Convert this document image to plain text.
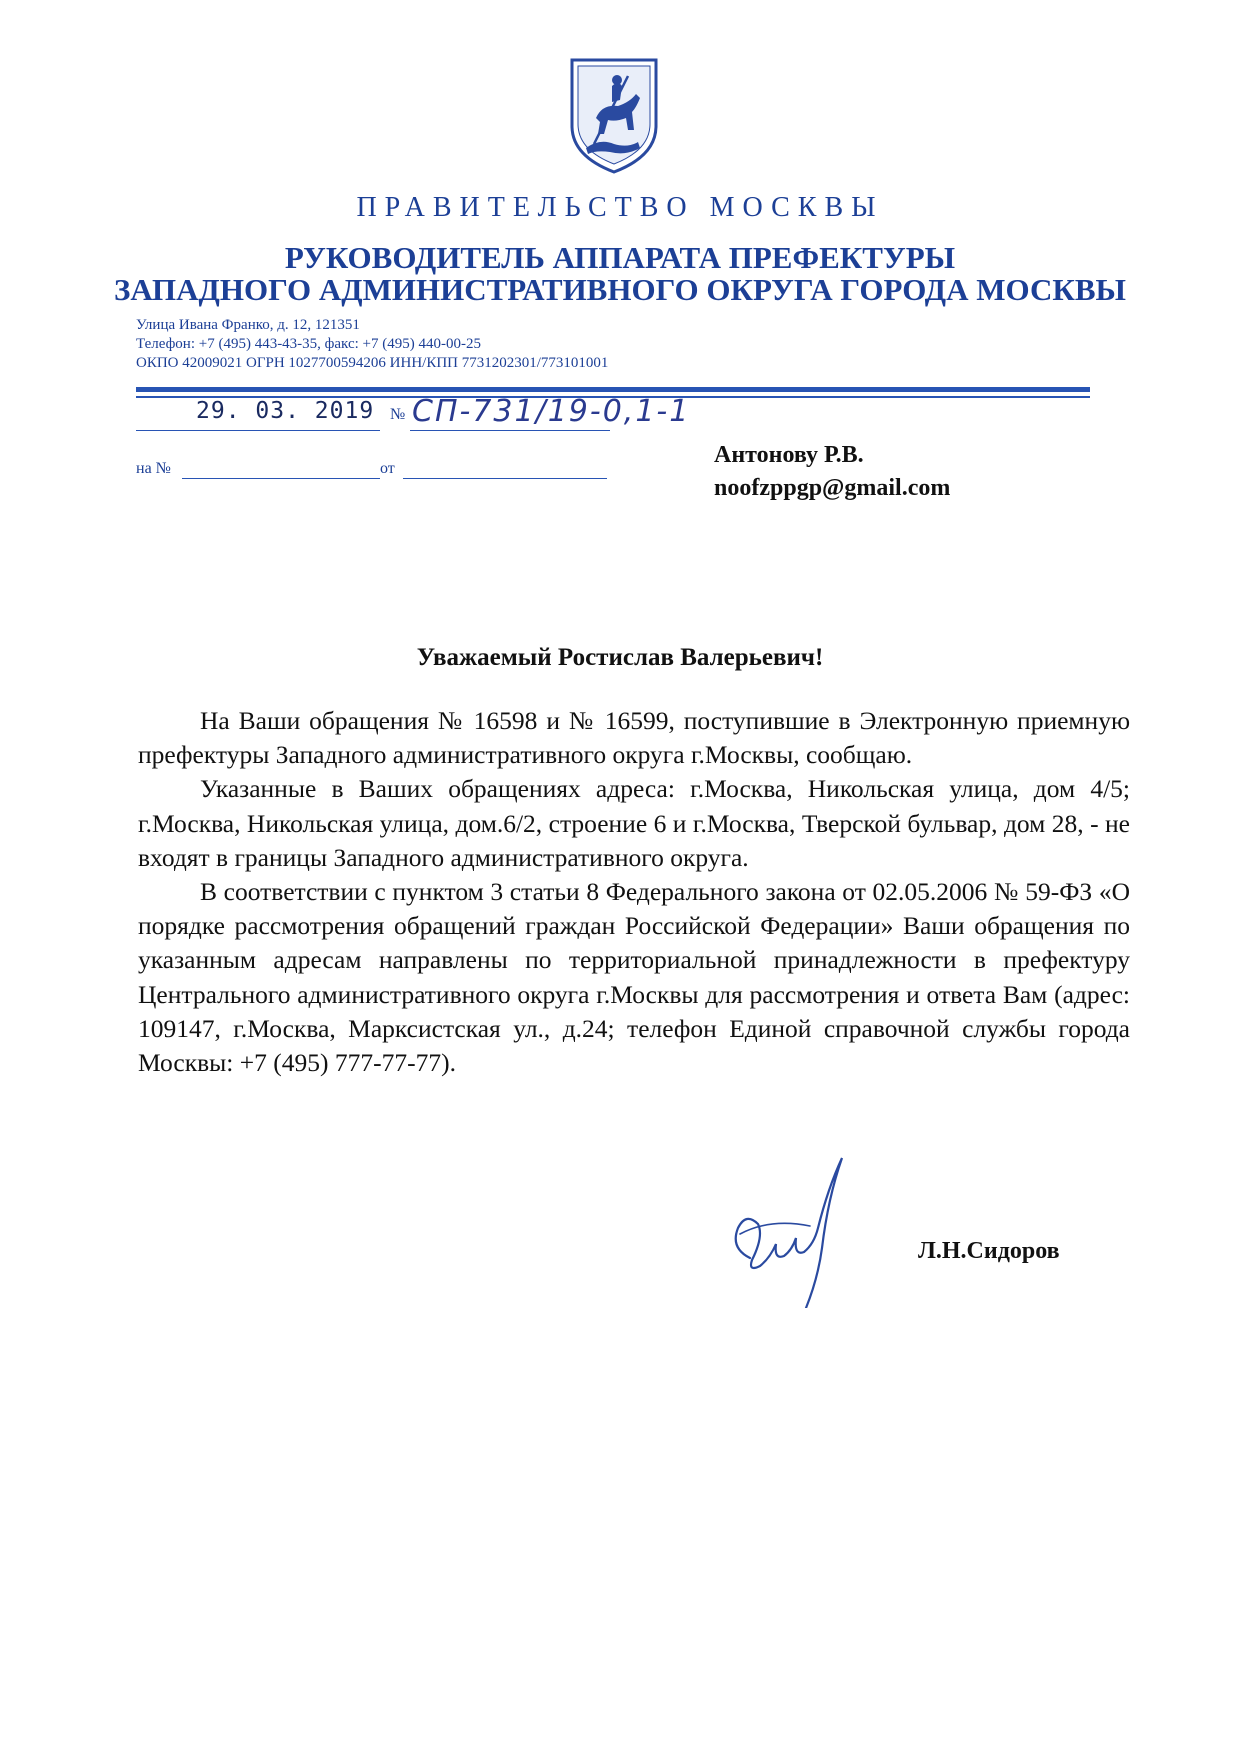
ПРАВИТЕЛЬСТВО МОСКВЫ
РУКОВОДИТЕЛЬ АППАРАТА ПРЕФЕКТУРЫ
ЗАПАДНОГО АДМИНИСТРАТИВНОГО ОКРУГА ГОРОДА МОСКВЫ
Улица Ивана Франко, д. 12, 121351
Телефон: +7 (495) 443-43-35, факс: +7 (495) 440-00-25
ОКПО 42009021 ОГРН 1027700594206 ИНН/КПП 7731202301/773101001
29. 03. 2019 № СП-731/19-0,1-1
на №	от
Антонову Р.В.
noofzppgp@gmail.com
Уважаемый Ростислав Валерьевич!

На Ваши обращения № 16598 и № 16599, поступившие в Электронную приемную префектуры Западного административного округа г.Москвы, сообщаю.

Указанные в Ваших обращениях адреса: г.Москва, Никольская улица, дом 4/5; г.Москва, Никольская улица, дом.6/2, строение 6 и г.Москва, Тверской бульвар, дом 28, - не входят в границы Западного административного округа.

В соответствии с пунктом 3 статьи 8 Федерального закона от 02.05.2006 № 59-ФЗ «О порядке рассмотрения обращений граждан Российской Федерации» Ваши обращения по указанным адресам направлены по территориальной принадлежности в префектуру Центрального административного округа г.Москвы для рассмотрения и ответа Вам (адрес: 109147, г.Москва, Марксистская ул., д.24; телефон Единой справочной службы города Москвы: +7 (495) 777-77-77).

Л.Н.Сидоров
